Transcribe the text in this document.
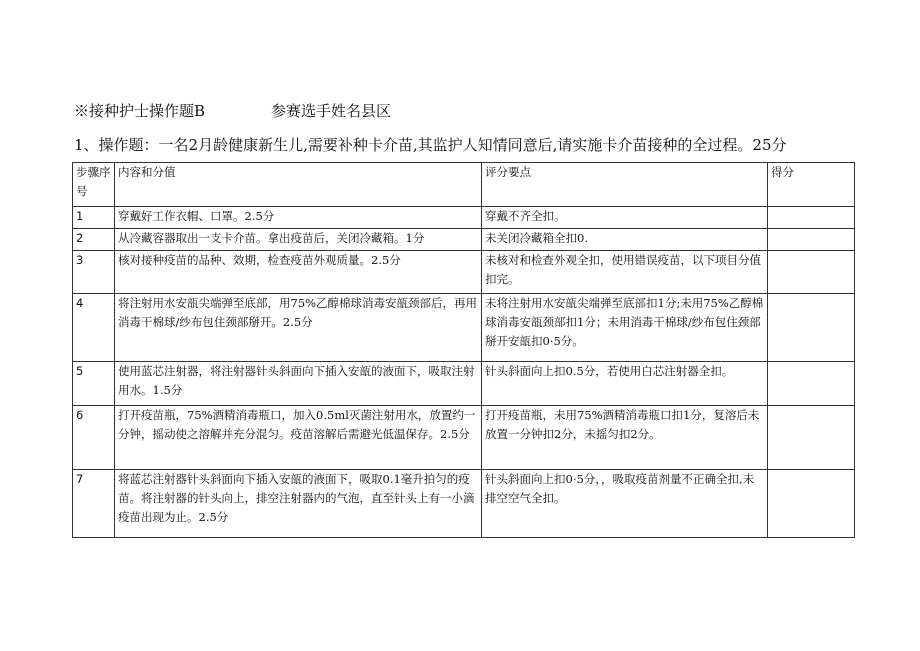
※接种护士操作题B	参赛选手姓名县区
1、操作题：一名2月龄健康新生儿,需要补种卡介苗,其监护人知情同意后,请实施卡介苗接种的全过程。25分
步骤序号	内容和分值	评分要点	得分
1	穿戴好工作衣帽、口罩。2.5分	穿戴不齐全扣。	
2	从冷藏容器取出一支卡介苗。拿出疫苗后，关闭冷藏箱。1分	未关闭冷藏箱全扣0.	
3	核对接种疫苗的品种、效期，检查疫苗外观质量。2.5分	未核对和检查外观全扣，使用错误疫苗，以下项目分值扣完。	
4	将注射用水安瓿尖端弹至底部，用75%乙醇棉球消毒安瓿颈部后，再用消毒干棉球/纱布包住颈部掰开。2.5分	未将注射用水安瓿尖端弹至底部扣1分;未用75%乙醇棉球消毒安瓿颈部扣1分；未用消毒干棉球/纱布包住颈部掰开安瓿扣0·5分。	
5	使用蓝芯注射器，将注射器针头斜面向下插入安瓿的液面下，吸取注射用水。1.5分	针头斜面向上扣0.5分，若使用白芯注射器全扣。	
6	打开疫苗瓶，75%酒精消毒瓶口，加入0.5ml灭菌注射用水，放置约一分钟，摇动使之溶解并充分混匀。疫苗溶解后需避光低温保存。2.5分	打开疫苗瓶，未用75%酒精消毒瓶口扣1分，复溶后未放置一分钟扣2分，未摇匀扣2分。	
7	将蓝芯注射器针头斜面向下插入安瓿的液面下，吸取0.1毫升拍匀的疫苗。将注射器的针头向上，排空注射器内的气泡，直至针头上有一小滴疫苗出现为止。2.5分	针头斜面向上扣0·5分，，吸取疫苗剂量不正确全扣,未排空空气全扣。	
